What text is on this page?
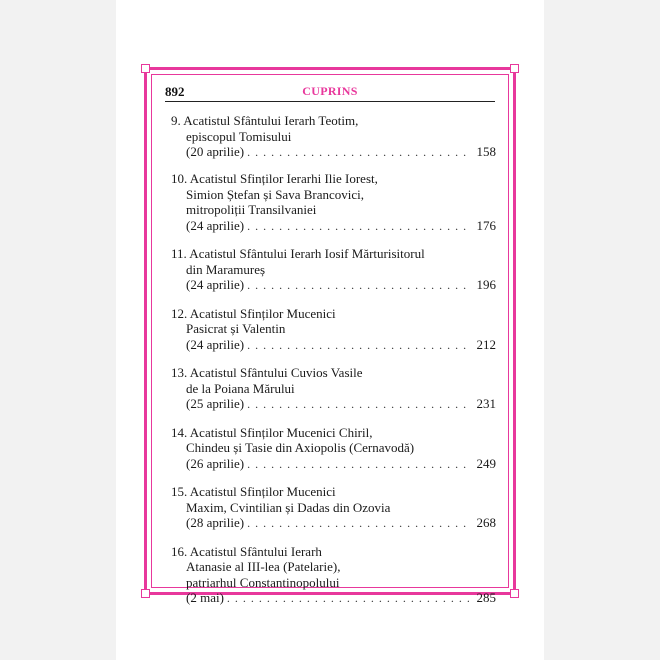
892	CUPRINS
9. Acatistul Sfântului Ierarh Teotim,
episcopul Tomisului
(20 aprilie) . . .	158
10. Acatistul Sfinților Ierarhi Ilie Iorest,
Simion Ștefan și Sava Brancovici,
mitropoliții Transilvaniei
(24 aprilie) . . .	176
11. Acatistul Sfântului Ierarh Iosif Mărturisitorul
din Maramureș
(24 aprilie) . . .	196
12. Acatistul Sfinților Mucenici
Pasicrat și Valentin
(24 aprilie) . . .	212
13. Acatistul Sfântului Cuvios Vasile
de la Poiana Mărului
(25 aprilie) . . .	231
14. Acatistul Sfinților Mucenici Chiril,
Chindeu și Tasie din Axiopolis (Cernavodă)
(26 aprilie) . . .	249
15. Acatistul Sfinților Mucenici
Maxim, Cvintilian și Dadas din Ozovia
(28 aprilie) . . .	268
16. Acatistul Sfântului Ierarh
Atanasie al III-lea (Patelarie),
patriarhul Constantinopolului
(2 mai) . . .	285
